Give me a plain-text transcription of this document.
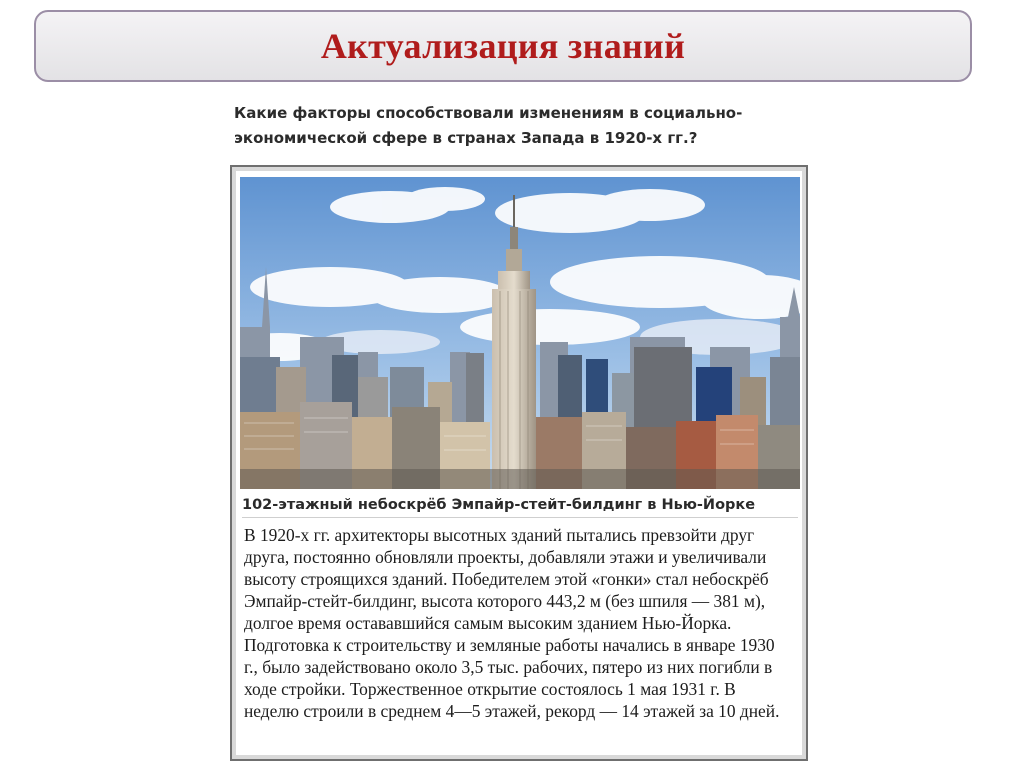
Актуализация знаний
Какие факторы способствовали изменениям в социально-
экономической сфере в странах Запада в 1920-х гг.?
102-этажный небоскрёб Эмпайр-стейт-билдинг в Нью-Йорке
В 1920-х гг. архитекторы высотных зданий пытались превзойти друг
друга, постоянно обновляли проекты, добавляли этажи и увеличивали
высоту строящихся зданий. Победителем этой «гонки» стал небоскрёб
Эмпайр-стейт-билдинг, высота которого 443,2 м (без шпиля — 381 м),
долгое время остававшийся самым высоким зданием Нью-Йорка.
Подготовка к строительству и земляные работы начались в январе 1930
г., было задействовано около 3,5 тыс. рабочих, пятеро из них погибли в
ходе стройки. Торжественное открытие состоялось 1 мая 1931 г. В
неделю строили в среднем 4—5 этажей, рекорд — 14 этажей за 10 дней.
